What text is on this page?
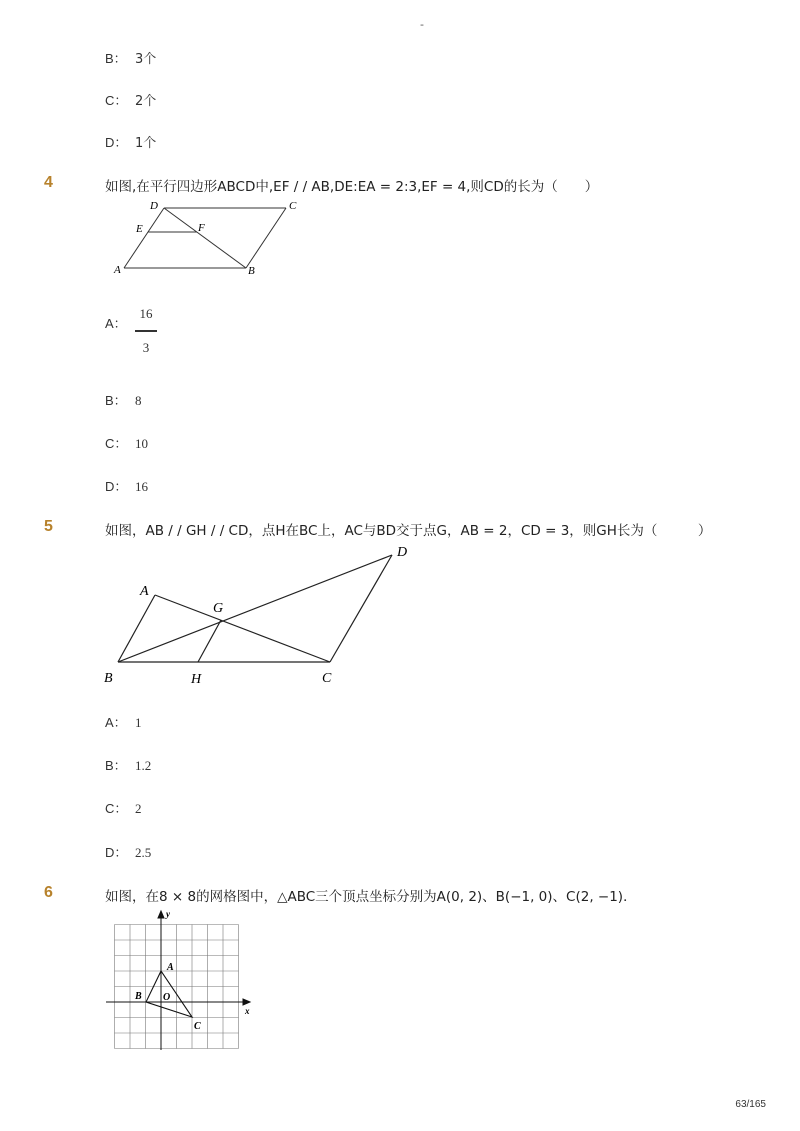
-
B： 3个
C： 2个
D： 1个
4	如图,在平行四边形ABCD中,EF / / AB,DE:EA = 2:3,EF = 4,则CD的长为（　　）
A	B
C
D
E	F
A：
16
3
B： 8
C： 10
D： 16
5	如图，AB / / GH / / CD，点H在BC上，AC与BD交于点G，AB = 2，CD = 3，则GH长为（　　　）
A
B	C
D
G
H
A： 1
B： 1.2
C： 2
D： 2.5
6	如图，在8 × 8的网格图中，△ABC三个顶点坐标分别为A(0, 2)、B(−1, 0)、C(2, −1)．
A
B
C
O
x
y
63/165
